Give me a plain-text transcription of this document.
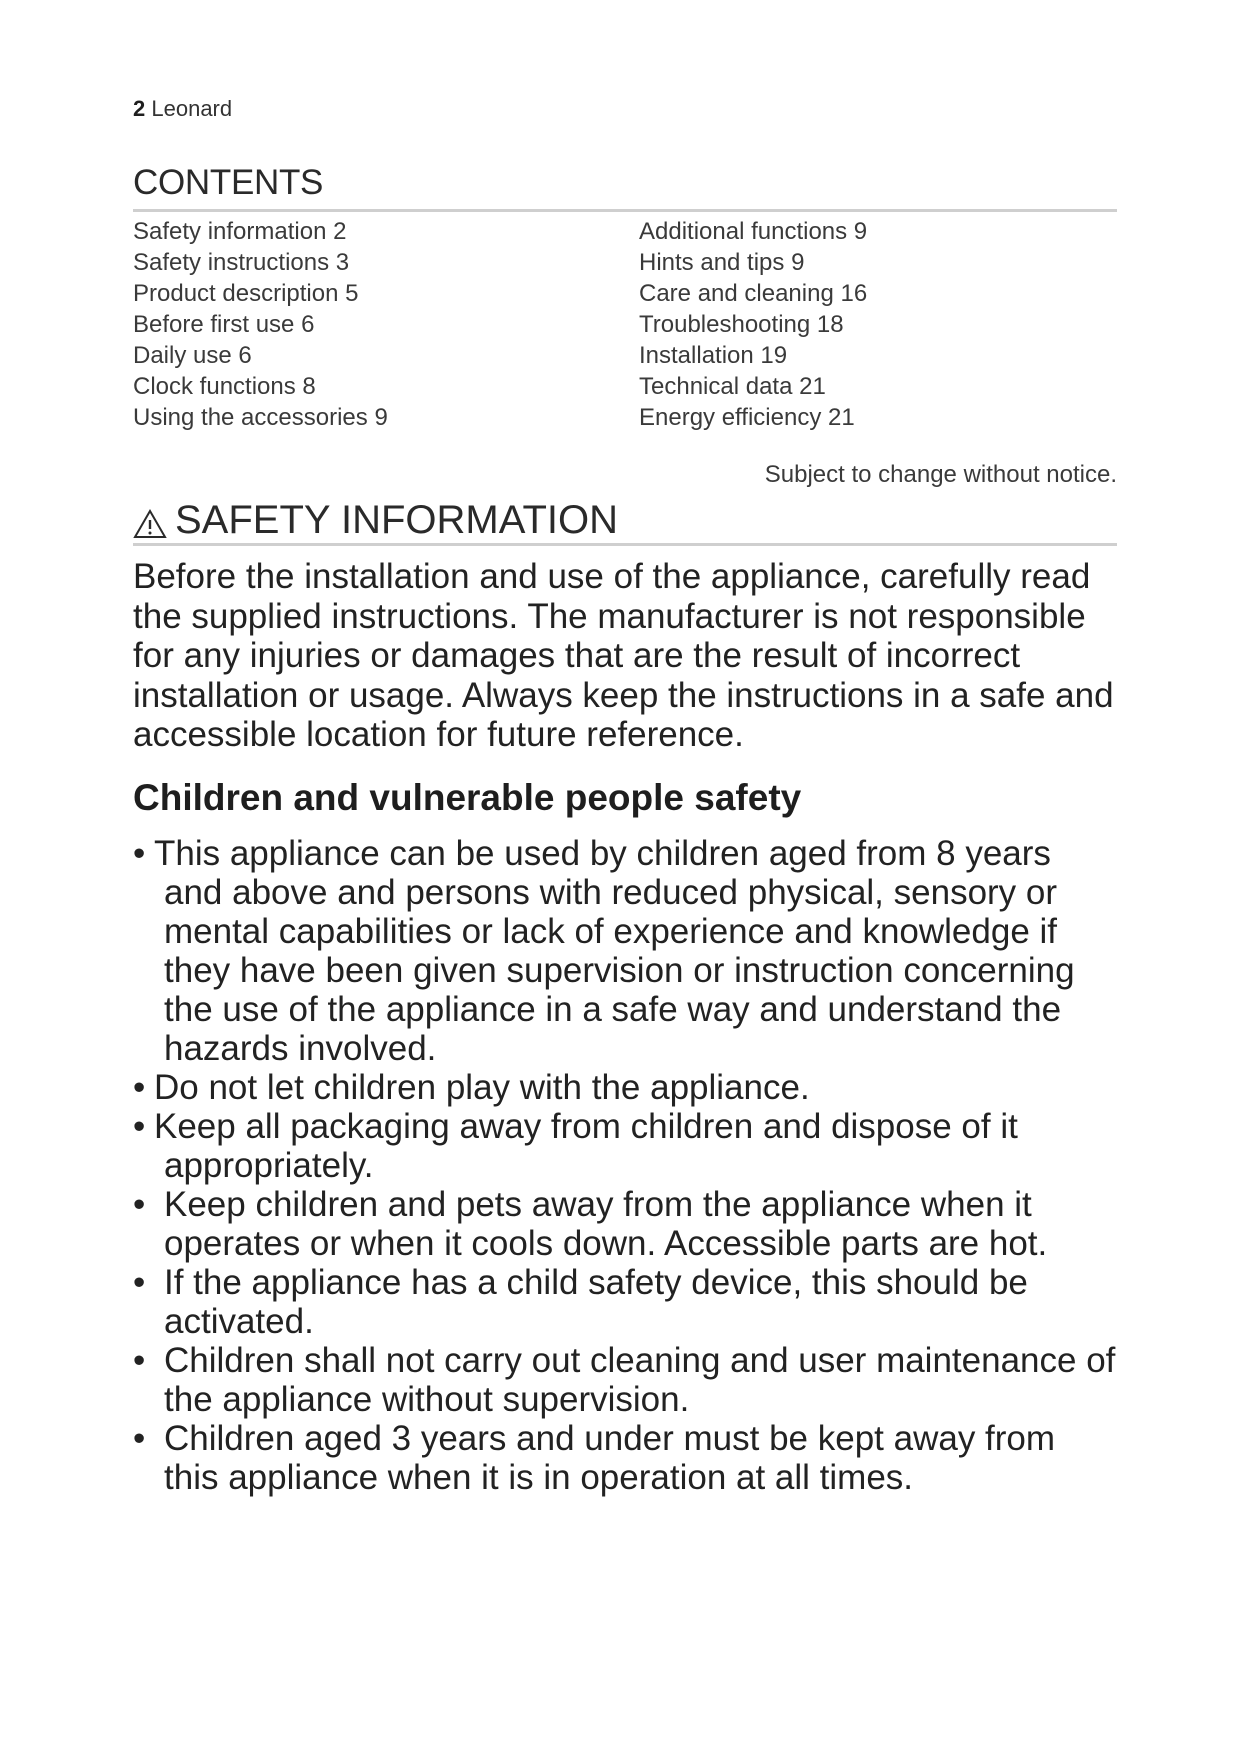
2 Leonard
CONTENTS
Safety information 2
Safety instructions 3
Product description 5
Before first use 6
Daily use 6
Clock functions 8
Using the accessories 9
Additional functions 9
Hints and tips 9
Care and cleaning 16
Troubleshooting 18
Installation 19
Technical data 21
Energy efficiency 21
Subject to change without notice.
SAFETY INFORMATION

Before the installation and use of the appliance, carefully read the supplied instructions. The manufacturer is not responsible for any injuries or damages that are the result of incorrect installation or usage. Always keep the instructions in a safe and accessible location for future reference.

Children and vulnerable people safety
• This appliance can be used by children aged from 8 years and above and persons with reduced physical, sensory or mental capabilities or lack of experience and knowledge if they have been given supervision or instruction concerning the use of the appliance in a safe way and understand the hazards involved.
• Do not let children play with the appliance.
• Keep all packaging away from children and dispose of it appropriately.
• Keep children and pets away from the appliance when it operates or when it cools down. Accessible parts are hot.
• If the appliance has a child safety device, this should be activated.
• Children shall not carry out cleaning and user maintenance of the appliance without supervision.
• Children aged 3 years and under must be kept away from this appliance when it is in operation at all times.
